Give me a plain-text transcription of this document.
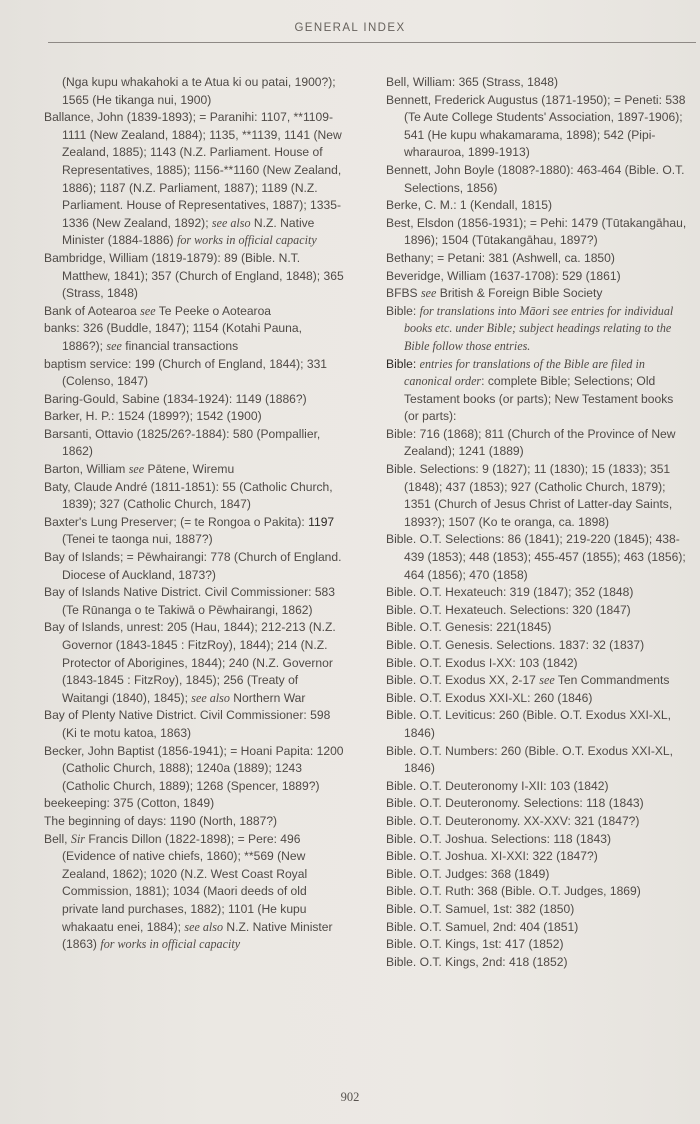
GENERAL INDEX

(Nga kupu whakahoki a te Atua ki ou patai, 1900?); 1565 (He tikanga nui, 1900)

Ballance, John (1839-1893); = Paranihi: 1107, **1109-1111 (New Zealand, 1884); 1135, **1139, 1141 (New Zealand, 1885); 1143 (N.Z. Parliament. House of Representatives, 1885); 1156-**1160 (New Zealand, 1886); 1187 (N.Z. Parliament, 1887); 1189 (N.Z. Parliament. House of Representatives, 1887); 1335-1336 (New Zealand, 1892); see also N.Z. Native Minister (1884-1886) for works in official capacity

Bambridge, William (1819-1879): 89 (Bible. N.T. Matthew, 1841); 357 (Church of England, 1848); 365 (Strass, 1848)

Bank of Aotearoa see Te Peeke o Aotearoa

banks: 326 (Buddle, 1847); 1154 (Kotahi Pauna, 1886?); see financial transactions

baptism service: 199 (Church of England, 1844); 331 (Colenso, 1847)

Baring-Gould, Sabine (1834-1924): 1149 (1886?)

Barker, H. P.: 1524 (1899?); 1542 (1900)

Barsanti, Ottavio (1825/26?-1884): 580 (Pompallier, 1862)

Barton, William see Pātene, Wiremu

Baty, Claude André (1811-1851): 55 (Catholic Church, 1839); 327 (Catholic Church, 1847)

Baxter's Lung Preserver; (= te Rongoa o Pakita): 1197 (Tenei te taonga nui, 1887?)

Bay of Islands; = Pēwhairangi: 778 (Church of England. Diocese of Auckland, 1873?)

Bay of Islands Native District. Civil Commissioner: 583 (Te Rūnanga o te Takiwā o Pēwhairangi, 1862)

Bay of Islands, unrest: 205 (Hau, 1844); 212-213 (N.Z. Governor (1843-1845 : FitzRoy), 1844); 214 (N.Z. Protector of Aborigines, 1844); 240 (N.Z. Governor (1843-1845 : FitzRoy), 1845); 256 (Treaty of Waitangi (1840), 1845); see also Northern War

Bay of Plenty Native District. Civil Commissioner: 598 (Ki te motu katoa, 1863)

Becker, John Baptist (1856-1941); = Hoani Papita: 1200 (Catholic Church, 1888); 1240a (1889); 1243 (Catholic Church, 1889); 1268 (Spencer, 1889?)

beekeeping: 375 (Cotton, 1849)

The beginning of days: 1190 (North, 1887?)

Bell, Sir Francis Dillon (1822-1898); = Pere: 496 (Evidence of native chiefs, 1860); **569 (New Zealand, 1862); 1020 (N.Z. West Coast Royal Commission, 1881); 1034 (Maori deeds of old private land purchases, 1882); 1101 (He kupu whakaatu enei, 1884); see also N.Z. Native Minister (1863) for works in official capacity

Bell, William: 365 (Strass, 1848)

Bennett, Frederick Augustus (1871-1950); = Peneti: 538 (Te Aute College Students' Association, 1897-1906); 541 (He kupu whakamarama, 1898); 542 (Pipi-wharauroa, 1899-1913)

Bennett, John Boyle (1808?-1880): 463-464 (Bible. O.T. Selections, 1856)

Berke, C. M.: 1 (Kendall, 1815)

Best, Elsdon (1856-1931); = Pehi: 1479 (Tūtakangāhau, 1896); 1504 (Tūtakangāhau, 1897?)

Bethany; = Petani: 381 (Ashwell, ca. 1850)

Beveridge, William (1637-1708): 529 (1861)

BFBS see British & Foreign Bible Society

Bible: for translations into Māori see entries for individual books etc. under Bible; subject headings relating to the Bible follow those entries.

Bible: entries for translations of the Bible are filed in canonical order: complete Bible; Selections; Old Testament books (or parts); New Testament books (or parts):

Bible: 716 (1868); 811 (Church of the Province of New Zealand); 1241 (1889)

Bible. Selections: 9 (1827); 11 (1830); 15 (1833); 351 (1848); 437 (1853); 927 (Catholic Church, 1879); 1351 (Church of Jesus Christ of Latter-day Saints, 1893?); 1507 (Ko te oranga, ca. 1898)

Bible. O.T. Selections: 86 (1841); 219-220 (1845); 438-439 (1853); 448 (1853); 455-457 (1855); 463 (1856); 464 (1856); 470 (1858)

Bible. O.T. Hexateuch: 319 (1847); 352 (1848)

Bible. O.T. Hexateuch. Selections: 320 (1847)

Bible. O.T. Genesis: 221(1845)

Bible. O.T. Genesis. Selections. 1837: 32 (1837)

Bible. O.T. Exodus I-XX: 103 (1842)

Bible. O.T. Exodus XX, 2-17 see Ten Commandments

Bible. O.T. Exodus XXI-XL: 260 (1846)

Bible. O.T. Leviticus: 260 (Bible. O.T. Exodus XXI-XL, 1846)

Bible. O.T. Numbers: 260 (Bible. O.T. Exodus XXI-XL, 1846)

Bible. O.T. Deuteronomy I-XII: 103 (1842)

Bible. O.T. Deuteronomy. Selections: 118 (1843)

Bible. O.T. Deuteronomy. XX-XXV: 321 (1847?)

Bible. O.T. Joshua. Selections: 118 (1843)

Bible. O.T. Joshua. XI-XXI: 322 (1847?)

Bible. O.T. Judges: 368 (1849)

Bible. O.T. Ruth: 368 (Bible. O.T. Judges, 1869)

Bible. O.T. Samuel, 1st: 382 (1850)

Bible. O.T. Samuel, 2nd: 404 (1851)

Bible. O.T. Kings, 1st: 417 (1852)

Bible. O.T. Kings, 2nd: 418 (1852)

902
